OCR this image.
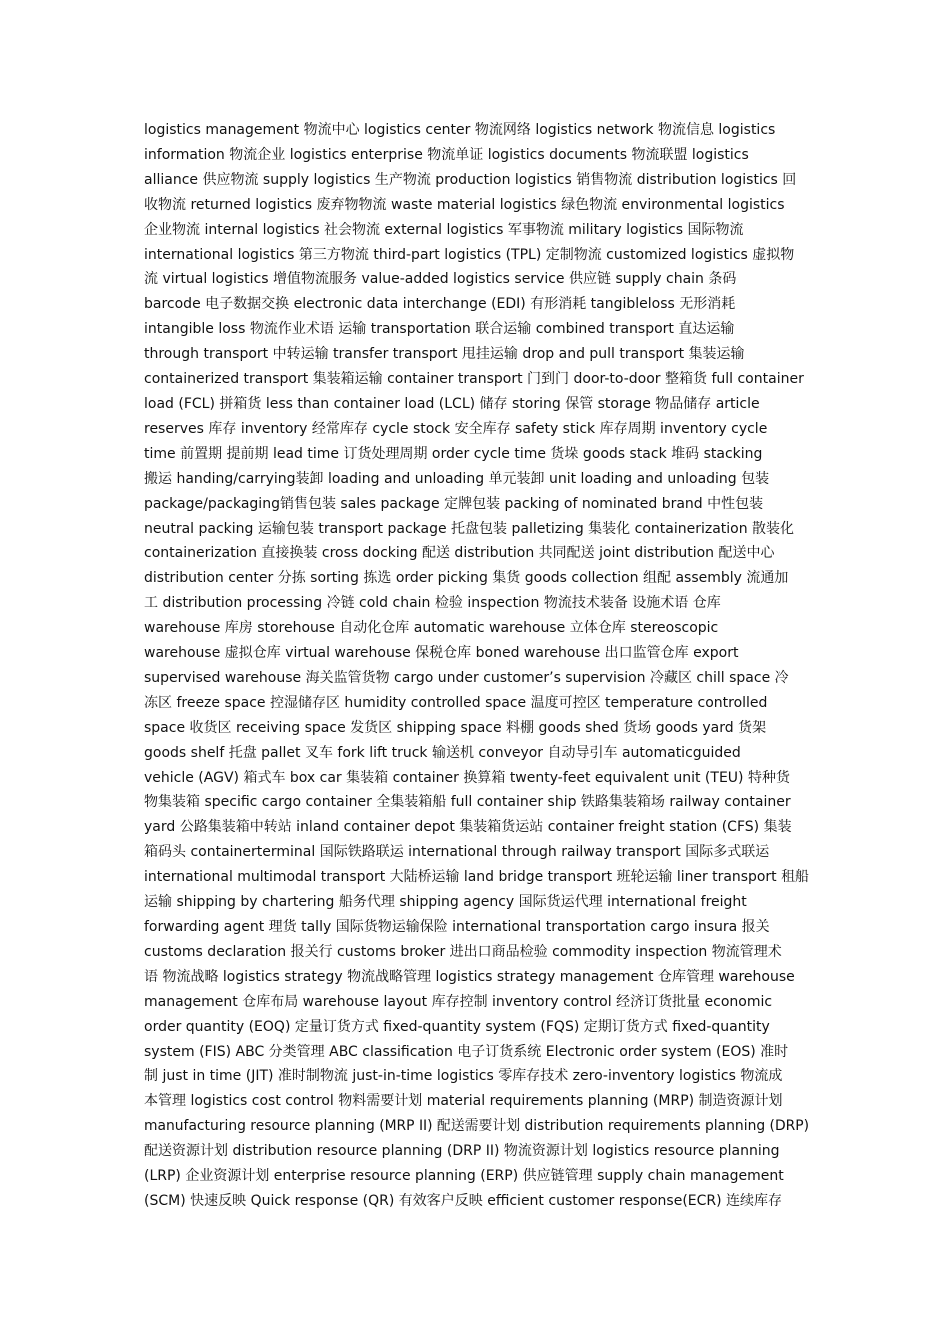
logistics management 物流中心 logistics center 物流网络 logistics network 物流信息 logistics
information 物流企业 logistics enterprise 物流单证 logistics documents 物流联盟 logistics
alliance 供应物流 supply logistics 生产物流 production logistics 销售物流 distribution logistics 回
收物流 returned logistics 废弃物物流 waste material logistics 绿色物流 environmental logistics
企业物流 internal logistics 社会物流 external logistics 军事物流 military logistics 国际物流
international logistics 第三方物流 third-part logistics (TPL) 定制物流 customized logistics 虚拟物
流 virtual logistics 增值物流服务 value-added logistics service 供应链 supply chain 条码
barcode 电子数据交换 electronic data interchange (EDI) 有形消耗 tangibleloss 无形消耗
intangible loss 物流作业术语 运输 transportation 联合运输 combined transport 直达运输
through transport 中转运输 transfer transport 甩挂运输 drop and pull transport 集装运输
containerized transport 集装箱运输 container transport 门到门 door-to-door 整箱货 full container
load (FCL) 拼箱货 less than container load (LCL) 储存 storing 保管 storage 物品储存 article
reserves 库存 inventory 经常库存 cycle stock 安全库存 safety stick 库存周期 inventory cycle
time 前置期 提前期 lead time 订货处理周期 order cycle time 货垛 goods stack 堆码 stacking
搬运 handing/carrying装卸 loading and unloading 单元装卸 unit loading and unloading 包装
package/packaging销售包装 sales package 定牌包装 packing of nominated brand 中性包装
neutral packing 运输包装 transport package 托盘包装 palletizing 集装化 containerization 散装化
containerization 直接换装 cross docking 配送 distribution 共同配送 joint distribution 配送中心
distribution center 分拣 sorting 拣选 order picking 集货 goods collection 组配 assembly 流通加
工 distribution processing 冷链 cold chain 检验 inspection 物流技术装备 设施术语 仓库
warehouse 库房 storehouse 自动化仓库 automatic warehouse 立体仓库 stereoscopic
warehouse 虚拟仓库 virtual warehouse 保税仓库 boned warehouse 出口监管仓库 export
supervised warehouse 海关监管货物 cargo under customer’s supervision 冷藏区 chill space 冷
冻区 freeze space 控湿储存区 humidity controlled space 温度可控区 temperature controlled
space 收货区 receiving space 发货区 shipping space 料棚 goods shed 货场 goods yard 货架
goods shelf 托盘 pallet 叉车 fork lift truck 输送机 conveyor 自动导引车 automaticguided
vehicle (AGV) 箱式车 box car 集装箱 container 换算箱 twenty-feet equivalent unit (TEU) 特种货
物集装箱 specific cargo container 全集装箱船 full container ship 铁路集装箱场 railway container
yard 公路集装箱中转站 inland container depot 集装箱货运站 container freight station (CFS) 集装
箱码头 containerterminal 国际铁路联运 international through railway transport 国际多式联运
international multimodal transport 大陆桥运输 land bridge transport 班轮运输 liner transport 租船
运输 shipping by chartering 船务代理 shipping agency 国际货运代理 international freight
forwarding agent 理货 tally 国际货物运输保险 international transportation cargo insura 报关
customs declaration 报关行 customs broker 进出口商品检验 commodity inspection 物流管理术
语 物流战略 logistics strategy 物流战略管理 logistics strategy management 仓库管理 warehouse
management 仓库布局 warehouse layout 库存控制 inventory control 经济订货批量 economic
order quantity (EOQ) 定量订货方式 fixed-quantity system (FQS) 定期订货方式 fixed-quantity
system (FIS) ABC 分类管理 ABC classification 电子订货系统 Electronic order system (EOS) 准时
制 just in time (JIT) 准时制物流 just-in-time logistics 零库存技术 zero-inventory logistics 物流成
本管理 logistics cost control 物料需要计划 material requirements planning (MRP) 制造资源计划
manufacturing resource planning (MRP II) 配送需要计划 distribution requirements planning (DRP)
配送资源计划 distribution resource planning (DRP II) 物流资源计划 logistics resource planning
(LRP) 企业资源计划 enterprise resource planning (ERP) 供应链管理 supply chain management
(SCM) 快速反映 Quick response (QR) 有效客户反映 efficient customer response(ECR) 连续库存
